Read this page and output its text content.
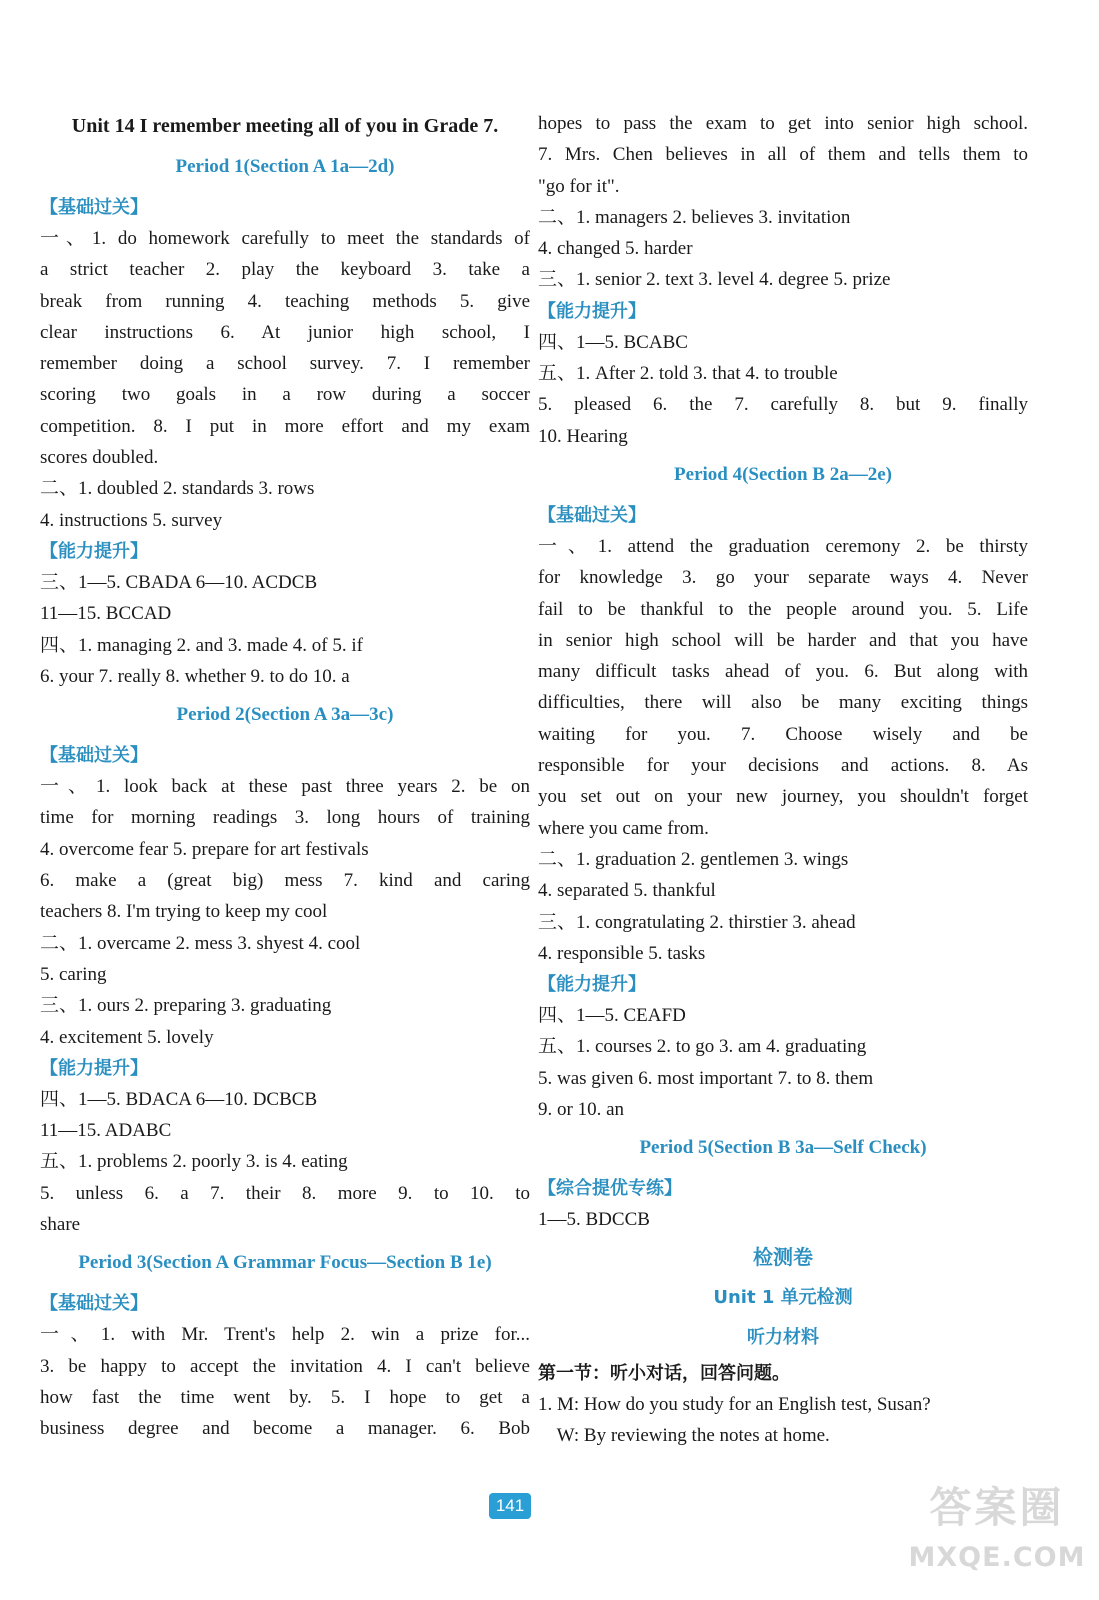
Unit 14 I remember meeting all of you in Grade 7.
Period 1(Section A 1a—2d)
【基础过关】
一、1. do homework carefully to meet the standards of
a strict teacher 2. play the keyboard 3. take a
break from running 4. teaching methods 5. give
clear instructions 6. At junior high school, I
remember doing a school survey. 7. I remember
scoring two goals in a row during a soccer
competition. 8. I put in more effort and my exam
scores doubled.
二、1. doubled 2. standards 3. rows
4. instructions 5. survey
【能力提升】
三、1—5. CBADA 6—10. ACDCB
11—15. BCCAD
四、1. managing 2. and 3. made 4. of 5. if
6. your 7. really 8. whether 9. to do 10. a
Period 2(Section A 3a—3c)
【基础过关】
一、1. look back at these past three years 2. be on
time for morning readings 3. long hours of training
4. overcome fear 5. prepare for art festivals
6. make a (great big) mess 7. kind and caring
teachers 8. I'm trying to keep my cool
二、1. overcame 2. mess 3. shyest 4. cool
5. caring
三、1. ours 2. preparing 3. graduating
4. excitement 5. lovely
【能力提升】
四、1—5. BDACA 6—10. DCBCB
11—15. ADABC
五、1. problems 2. poorly 3. is 4. eating
5. unless 6. a 7. their 8. more 9. to 10. to
share
Period 3(Section A Grammar Focus—Section B 1e)
【基础过关】
一、1. with Mr. Trent's help 2. win a prize for...
3. be happy to accept the invitation 4. I can't believe
how fast the time went by. 5. I hope to get a
business degree and become a manager. 6. Bob
hopes to pass the exam to get into senior high school.
7. Mrs. Chen believes in all of them and tells them to
"go for it".
二、1. managers 2. believes 3. invitation
4. changed 5. harder
三、1. senior 2. text 3. level 4. degree 5. prize
【能力提升】
四、1—5. BCABC
五、1. After 2. told 3. that 4. to trouble
5. pleased 6. the 7. carefully 8. but 9. finally
10. Hearing
Period 4(Section B 2a—2e)
【基础过关】
一、1. attend the graduation ceremony 2. be thirsty
for knowledge 3. go your separate ways 4. Never
fail to be thankful to the people around you. 5. Life
in senior high school will be harder and that you have
many difficult tasks ahead of you. 6. But along with
difficulties, there will also be many exciting things
waiting for you. 7. Choose wisely and be
responsible for your decisions and actions. 8. As
you set out on your new journey, you shouldn't forget
where you came from.
二、1. graduation 2. gentlemen 3. wings
4. separated 5. thankful
三、1. congratulating 2. thirstier 3. ahead
4. responsible 5. tasks
【能力提升】
四、1—5. CEAFD
五、1. courses 2. to go 3. am 4. graduating
5. was given 6. most important 7. to 8. them
9. or 10. an
Period 5(Section B 3a—Self Check)
【综合提优专练】
1—5. BDCCB
检测卷
Unit 1 单元检测
听力材料
第一节：听小对话，回答问题。
1. M: How do you study for an English test, Susan?
W: By reviewing the notes at home.
141	答案圈
MXQE.COM
